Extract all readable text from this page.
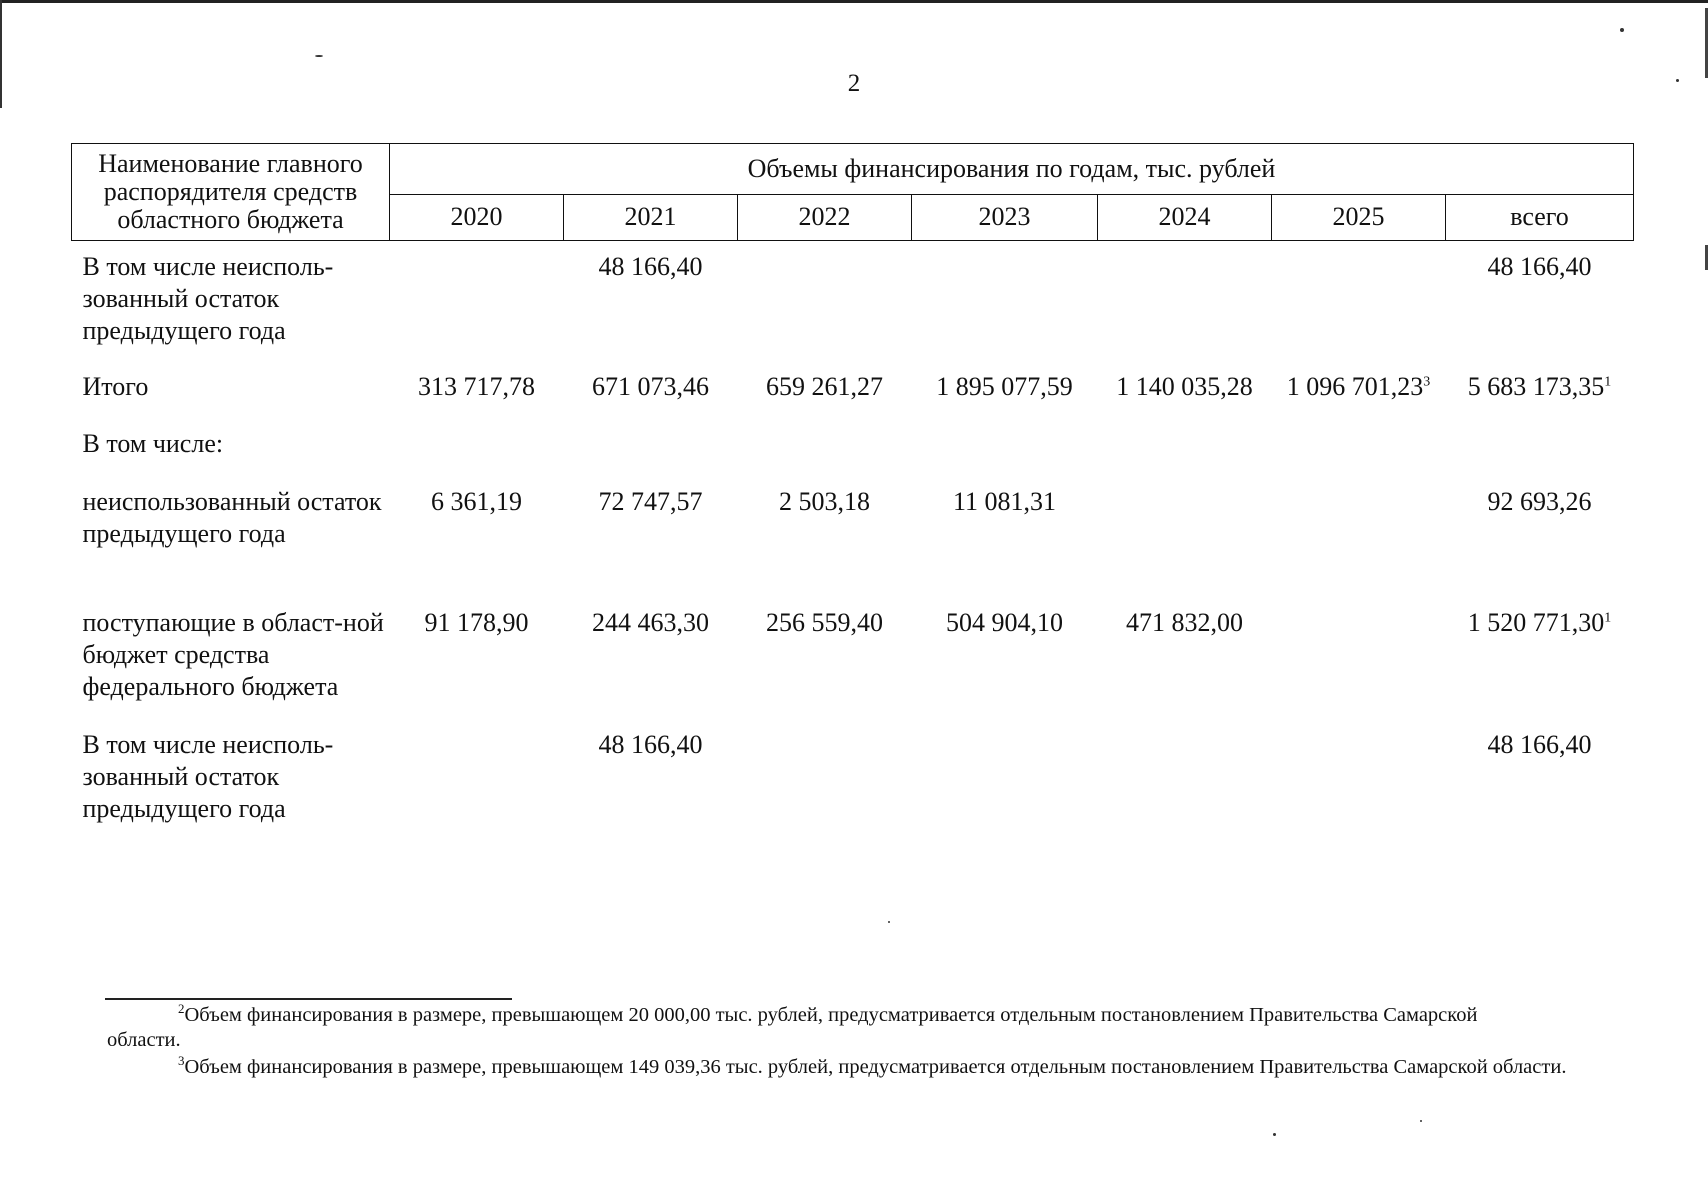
2
Наименование главного распорядителя средств областного бюджета	Объемы финансирования по годам, тыс. рублей						
	2020	2021	2022	2023	2024	2025	всего

В том числе неисполь-зованный остаток предыдущего года		48 166,40					48 166,40
Итого	313 717,78	671 073,46	659 261,27	1 895 077,59	1 140 035,28	1 096 701,23$^3$	5 683 173,35$^1$
В том числе:							
неиспользованный остаток предыдущего года	6 361,19	72 747,57	2 503,18	11 081,31			92 693,26
поступающие в област-ной бюджет средства федерального бюджета	91 178,90	244 463,30	256 559,40	504 904,10	471 832,00		1 520 771,30$^1$
В том числе неисполь-зованный остаток предыдущего года		48 166,40					48 166,40
$^2$Объем финансирования в размере, превышающем 20 000,00 тыс. рублей, предусматривается отдельным постановлением Правительства Самарской
области.
$^3$Объем финансирования в размере, превышающем 149 039,36 тыс. рублей, предусматривается отдельным постановлением Правительства Самарской области.
